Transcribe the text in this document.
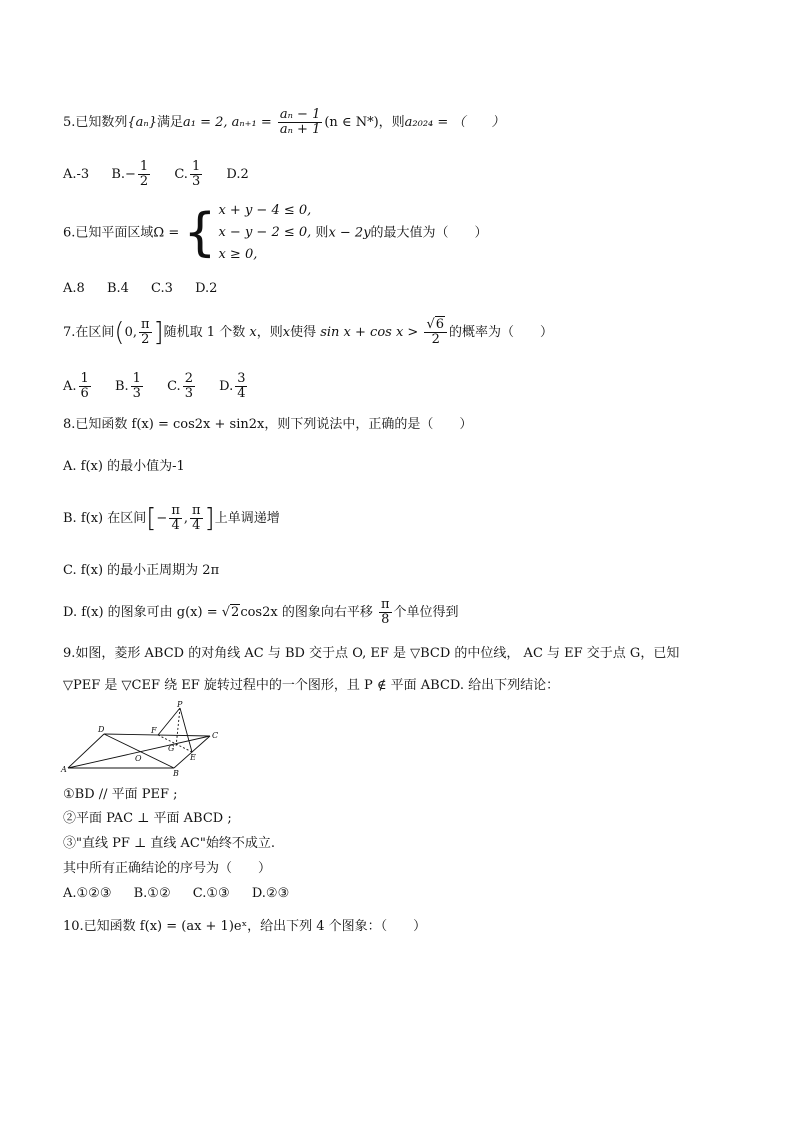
5.已知数列{aₙ}满足a₁ = 2, $a_{n+1} = \frac{\text{aₙ − 1}}{\text{aₙ + 1}} (n$ ∈ N*)，则a₂₀₂₄ = （　　）
A.-3 $B.- \frac{1}{2} C$. $\frac{1}{3} D.2$
6.已知平面区域Ω = { x + y − 4 ≤ 0,
x − y − 2 ≤ 0,
x ≥ 0,
则x − 2y的最大值为（　　）
A.8 B.4 C.3 D.2
7.在区间(0, $\frac{\pi}{2}$ ]随机取 1 个数 x，则x使得 $\sin x + \cos x > \frac{√6}{2}$ 的概率为（　　）
A. $\frac{1}{6} B$. $\frac{1}{3} C$. $\frac{2}{3} D$. $\frac{3}{4}$
8.已知函数 f(x) = cos2x + sin2x，则下列说法中，正确的是（　　）
A. f(x) 的最小值为-1
B. f(x) 在区间[− $\frac{\pi}{4}$ , $\frac{\pi}{4}$ ]上单调递增
C. f(x) 的最小正周期为 2π
D. f(x) 的图象可由 g(x) = √2cos2x 的图象向右平移 $\frac{\pi}{8}$ 个单位得到
9.如图，菱形 ABCD 的对角线 AC 与 BD 交于点 O, EF 是 ▽BCD 的中位线， AC 与 EF 交于点 G，已知
▽PEF 是 ▽CEF 绕 EF 旋转过程中的一个图形，且 P ∉ 平面 ABCD. 给出下列结论：
P
D	F
C
G
O	E
A	B
①BD // 平面 PEF ;
②平面 PAC ⊥ 平面 ABCD ;
③"直线 PF ⊥ 直线 AC"始终不成立.
其中所有正确结论的序号为（　　）
A.①②③ B.①② C.①③ D.②③
10.已知函数 f(x) = (ax + 1)eˣ，给出下列 4 个图象：（　　）
